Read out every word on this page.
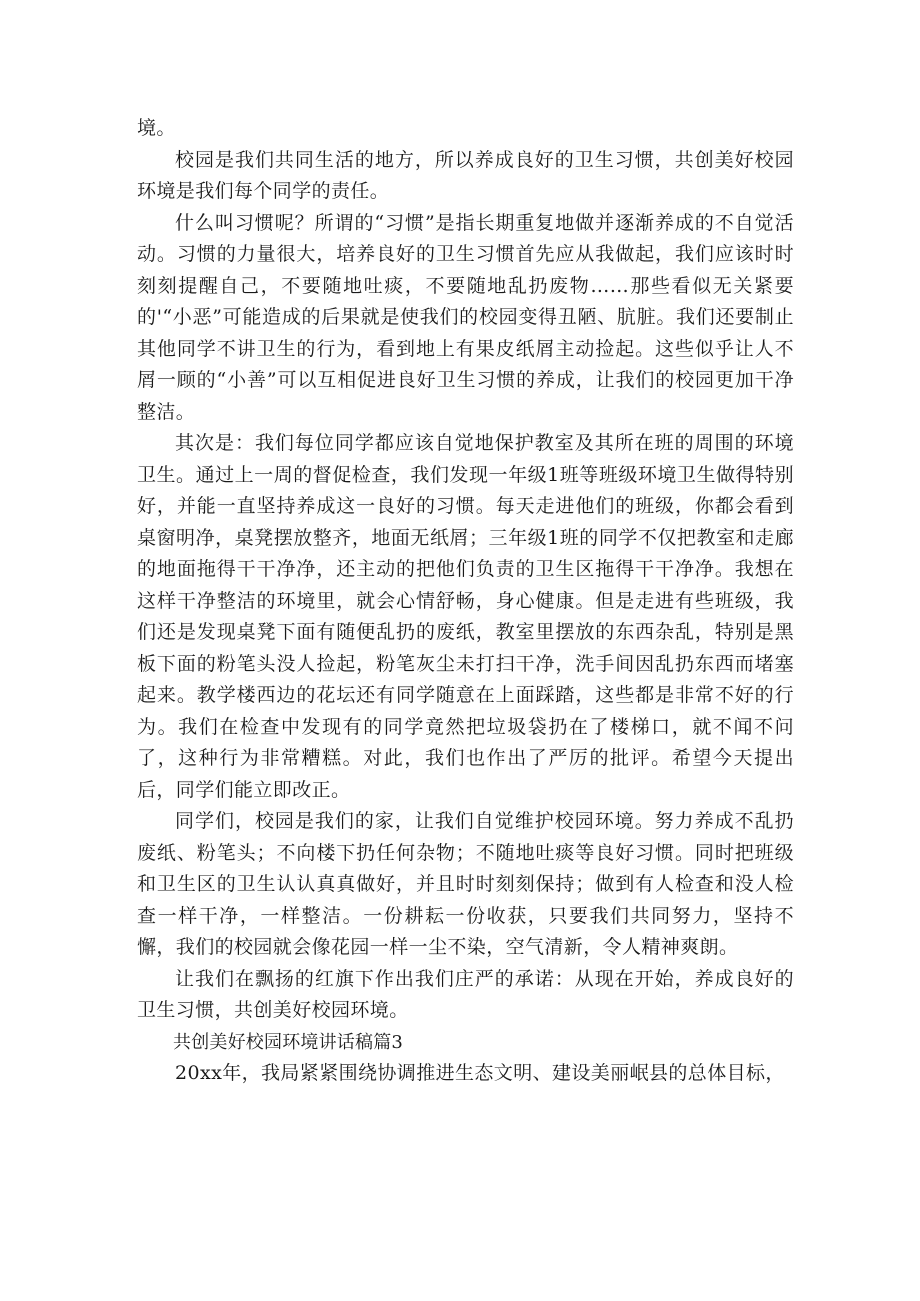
境。

校园是我们共同生活的地方，所以养成良好的卫生习惯，共创美好校园环境是我们每个同学的责任。

什么叫习惯呢？所谓的“习惯”是指长期重复地做并逐渐养成的不自觉活动。习惯的力量很大，培养良好的卫生习惯首先应从我做起，我们应该时时刻刻提醒自己，不要随地吐痰，不要随地乱扔废物……那些看似无关紧要的'“小恶”可能造成的后果就是使我们的校园变得丑陋、肮脏。我们还要制止其他同学不讲卫生的行为，看到地上有果皮纸屑主动捡起。这些似乎让人不屑一顾的“小善”可以互相促进良好卫生习惯的养成，让我们的校园更加干净整洁。

其次是：我们每位同学都应该自觉地保护教室及其所在班的周围的环境卫生。通过上一周的督促检查，我们发现一年级1班等班级环境卫生做得特别好，并能一直坚持养成这一良好的习惯。每天走进他们的班级，你都会看到桌窗明净，桌凳摆放整齐，地面无纸屑；三年级1班的同学不仅把教室和走廊的地面拖得干干净净，还主动的把他们负责的卫生区拖得干干净净。我想在这样干净整洁的环境里，就会心情舒畅，身心健康。但是走进有些班级，我们还是发现桌凳下面有随便乱扔的废纸，教室里摆放的东西杂乱，特别是黑板下面的粉笔头没人捡起，粉笔灰尘未打扫干净，洗手间因乱扔东西而堵塞起来。教学楼西边的花坛还有同学随意在上面踩踏，这些都是非常不好的行为。我们在检查中发现有的同学竟然把垃圾袋扔在了楼梯口，就不闻不问了，这种行为非常糟糕。对此，我们也作出了严厉的批评。希望今天提出后，同学们能立即改正。

同学们，校园是我们的家，让我们自觉维护校园环境。努力养成不乱扔废纸、粉笔头；不向楼下扔任何杂物；不随地吐痰等良好习惯。同时把班级和卫生区的卫生认认真真做好，并且时时刻刻保持；做到有人检查和没人检查一样干净，一样整洁。一份耕耘一份收获，只要我们共同努力，坚持不懈，我们的校园就会像花园一样一尘不染，空气清新，令人精神爽朗。

让我们在飘扬的红旗下作出我们庄严的承诺：从现在开始，养成良好的卫生习惯，共创美好校园环境。

共创美好校园环境讲话稿篇3

20xx年，我局紧紧围绕协调推进生态文明、建设美丽岷县的总体目标，
